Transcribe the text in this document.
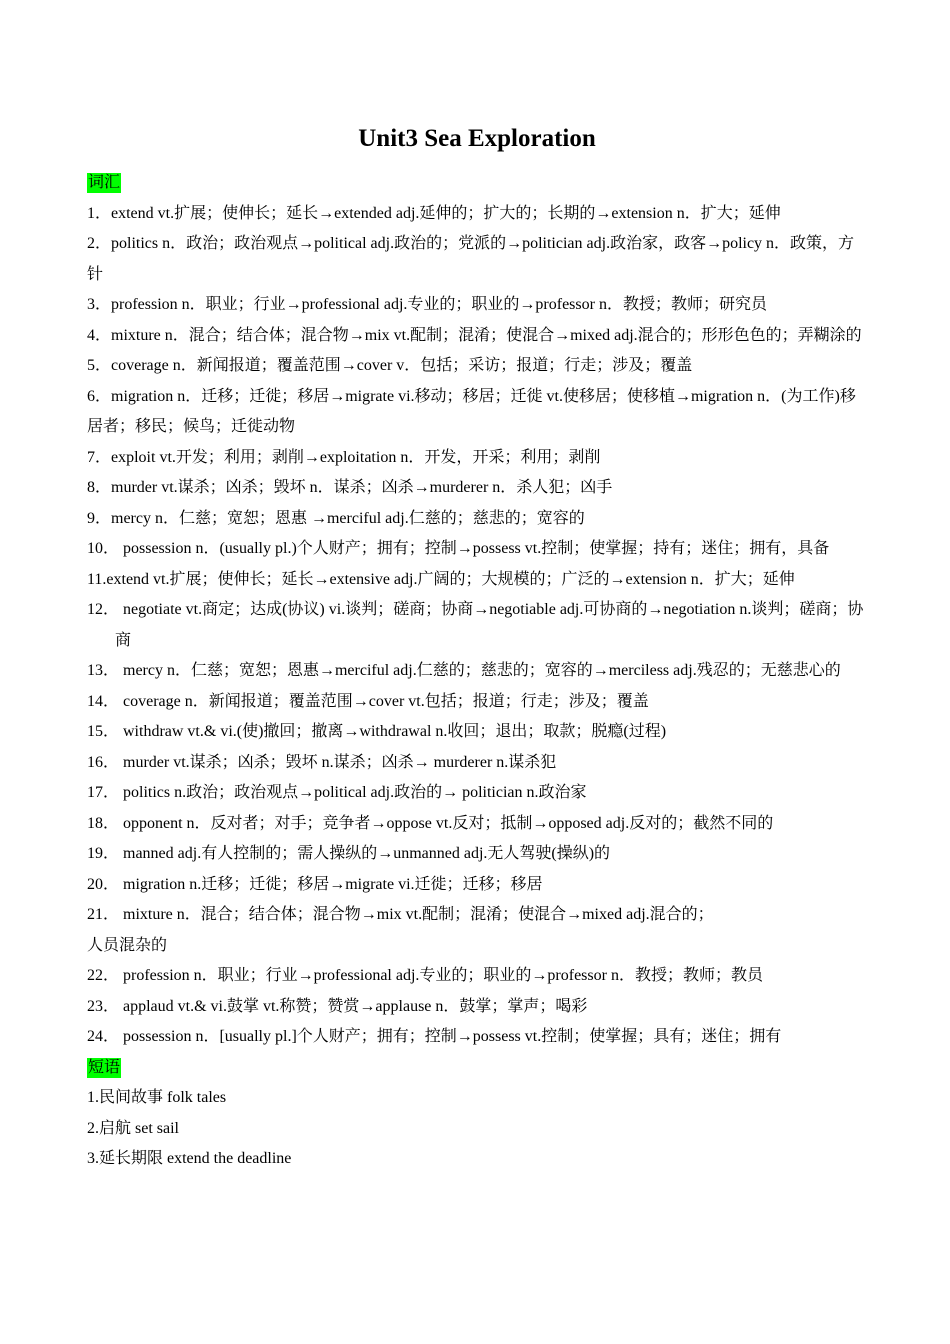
Unit3 Sea Exploration
词汇
1．extend vt.扩展；使伸长；延长→extended adj.延伸的；扩大的；长期的→extension n．扩大；延伸
2．politics n．政治；政治观点→political adj.政治的；党派的→politician adj.政治家，政客→policy n．政策，方针
3．profession n．职业；行业→professional adj.专业的；职业的→professor n．教授；教师；研究员
4．mixture n．混合；结合体；混合物→mix vt.配制；混淆；使混合→mixed adj.混合的；形形色色的；弄糊涂的
5．coverage n．新闻报道；覆盖范围→cover v．包括；采访；报道；行走；涉及；覆盖
6．migration n．迁移；迁徙；移居→migrate vi.移动；移居；迁徙 vt.使移居；使移植→migration n．(为工作)移居者；移民；候鸟；迁徙动物
7．exploit vt.开发；利用；剥削→exploitation n．开发，开采；利用；剥削
8．murder vt.谋杀；凶杀；毁坏 n．谋杀；凶杀→murderer n．杀人犯；凶手
9．mercy n．仁慈；宽恕；恩惠 →merciful adj.仁慈的；慈悲的；宽容的
10． possession n．(usually pl.)个人财产；拥有；控制→possess vt.控制；使掌握；持有；迷住；拥有，具备
11.extend vt.扩展；使伸长；延长→extensive adj.广阔的；大规模的；广泛的→extension n．扩大；延伸
12． negotiate vt.商定；达成(协议) vi.谈判；磋商；协商→negotiable adj.可协商的→negotiation n.谈判；磋商；协商
13． mercy n．仁慈；宽恕；恩惠→merciful adj.仁慈的；慈悲的；宽容的→merciless adj.残忍的；无慈悲心的
14． coverage n．新闻报道；覆盖范围→cover vt.包括；报道；行走；涉及；覆盖
15． withdraw vt.& vi.(使)撤回；撤离→withdrawal n.收回；退出；取款；脱瘾(过程)
16． murder vt.谋杀；凶杀；毁坏 n.谋杀；凶杀→ murderer n.谋杀犯
17． politics n.政治；政治观点→political adj.政治的→ politician n.政治家
18． opponent n．反对者；对手；竞争者→oppose vt.反对；抵制→opposed adj.反对的；截然不同的
19． manned adj.有人控制的；需人操纵的→unmanned adj.无人驾驶(操纵)的
20． migration n.迁移；迁徙；移居→migrate vi.迁徙；迁移；移居
21． mixture n．混合；结合体；混合物→mix vt.配制；混淆；使混合→mixed adj.混合的；
人员混杂的
22． profession n．职业；行业→professional adj.专业的；职业的→professor n．教授；教师；教员
23． applaud vt.& vi.鼓掌 vt.称赞；赞赏→applause n．鼓掌；掌声；喝彩
24． possession n．[usually pl.]个人财产；拥有；控制→possess vt.控制；使掌握；具有；迷住；拥有
短语
1.民间故事 folk tales
2.启航 set sail
3.延长期限 extend the deadline
